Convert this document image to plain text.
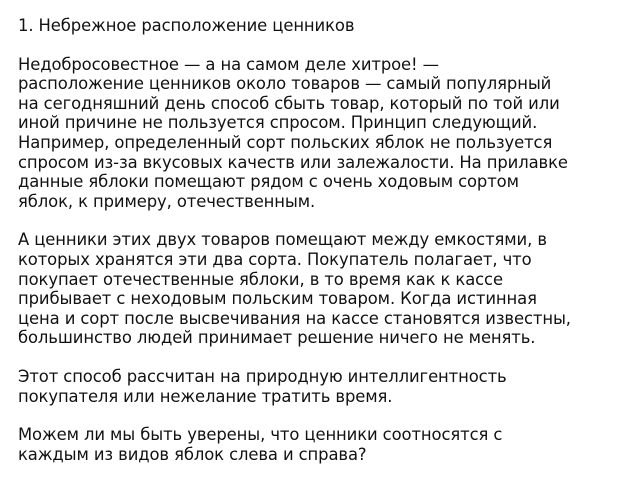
1. Небрежное расположение ценников

Недобросовестное — а на самом деле хитрое! —
расположение ценников около товаров — самый популярный
на сегодняшний день способ сбыть товар, который по той или
иной причине не пользуется спросом. Принцип следующий.
Например, определенный сорт польских яблок не пользуется
спросом из-за вкусовых качеств или залежалости. На прилавке
данные яблоки помещают рядом с очень ходовым сортом
яблок, к примеру, отечественным.

А ценники этих двух товаров помещают между емкостями, в
которых хранятся эти два сорта. Покупатель полагает, что
покупает отечественные яблоки, в то время как к кассе
прибывает с неходовым польским товаром. Когда истинная
цена и сорт после высвечивания на кассе становятся известны,
большинство людей принимает решение ничего не менять.

Этот способ рассчитан на природную интеллигентность
покупателя или нежелание тратить время.

Можем ли мы быть уверены, что ценники соотносятся с
каждым из видов яблок слева и справа?
